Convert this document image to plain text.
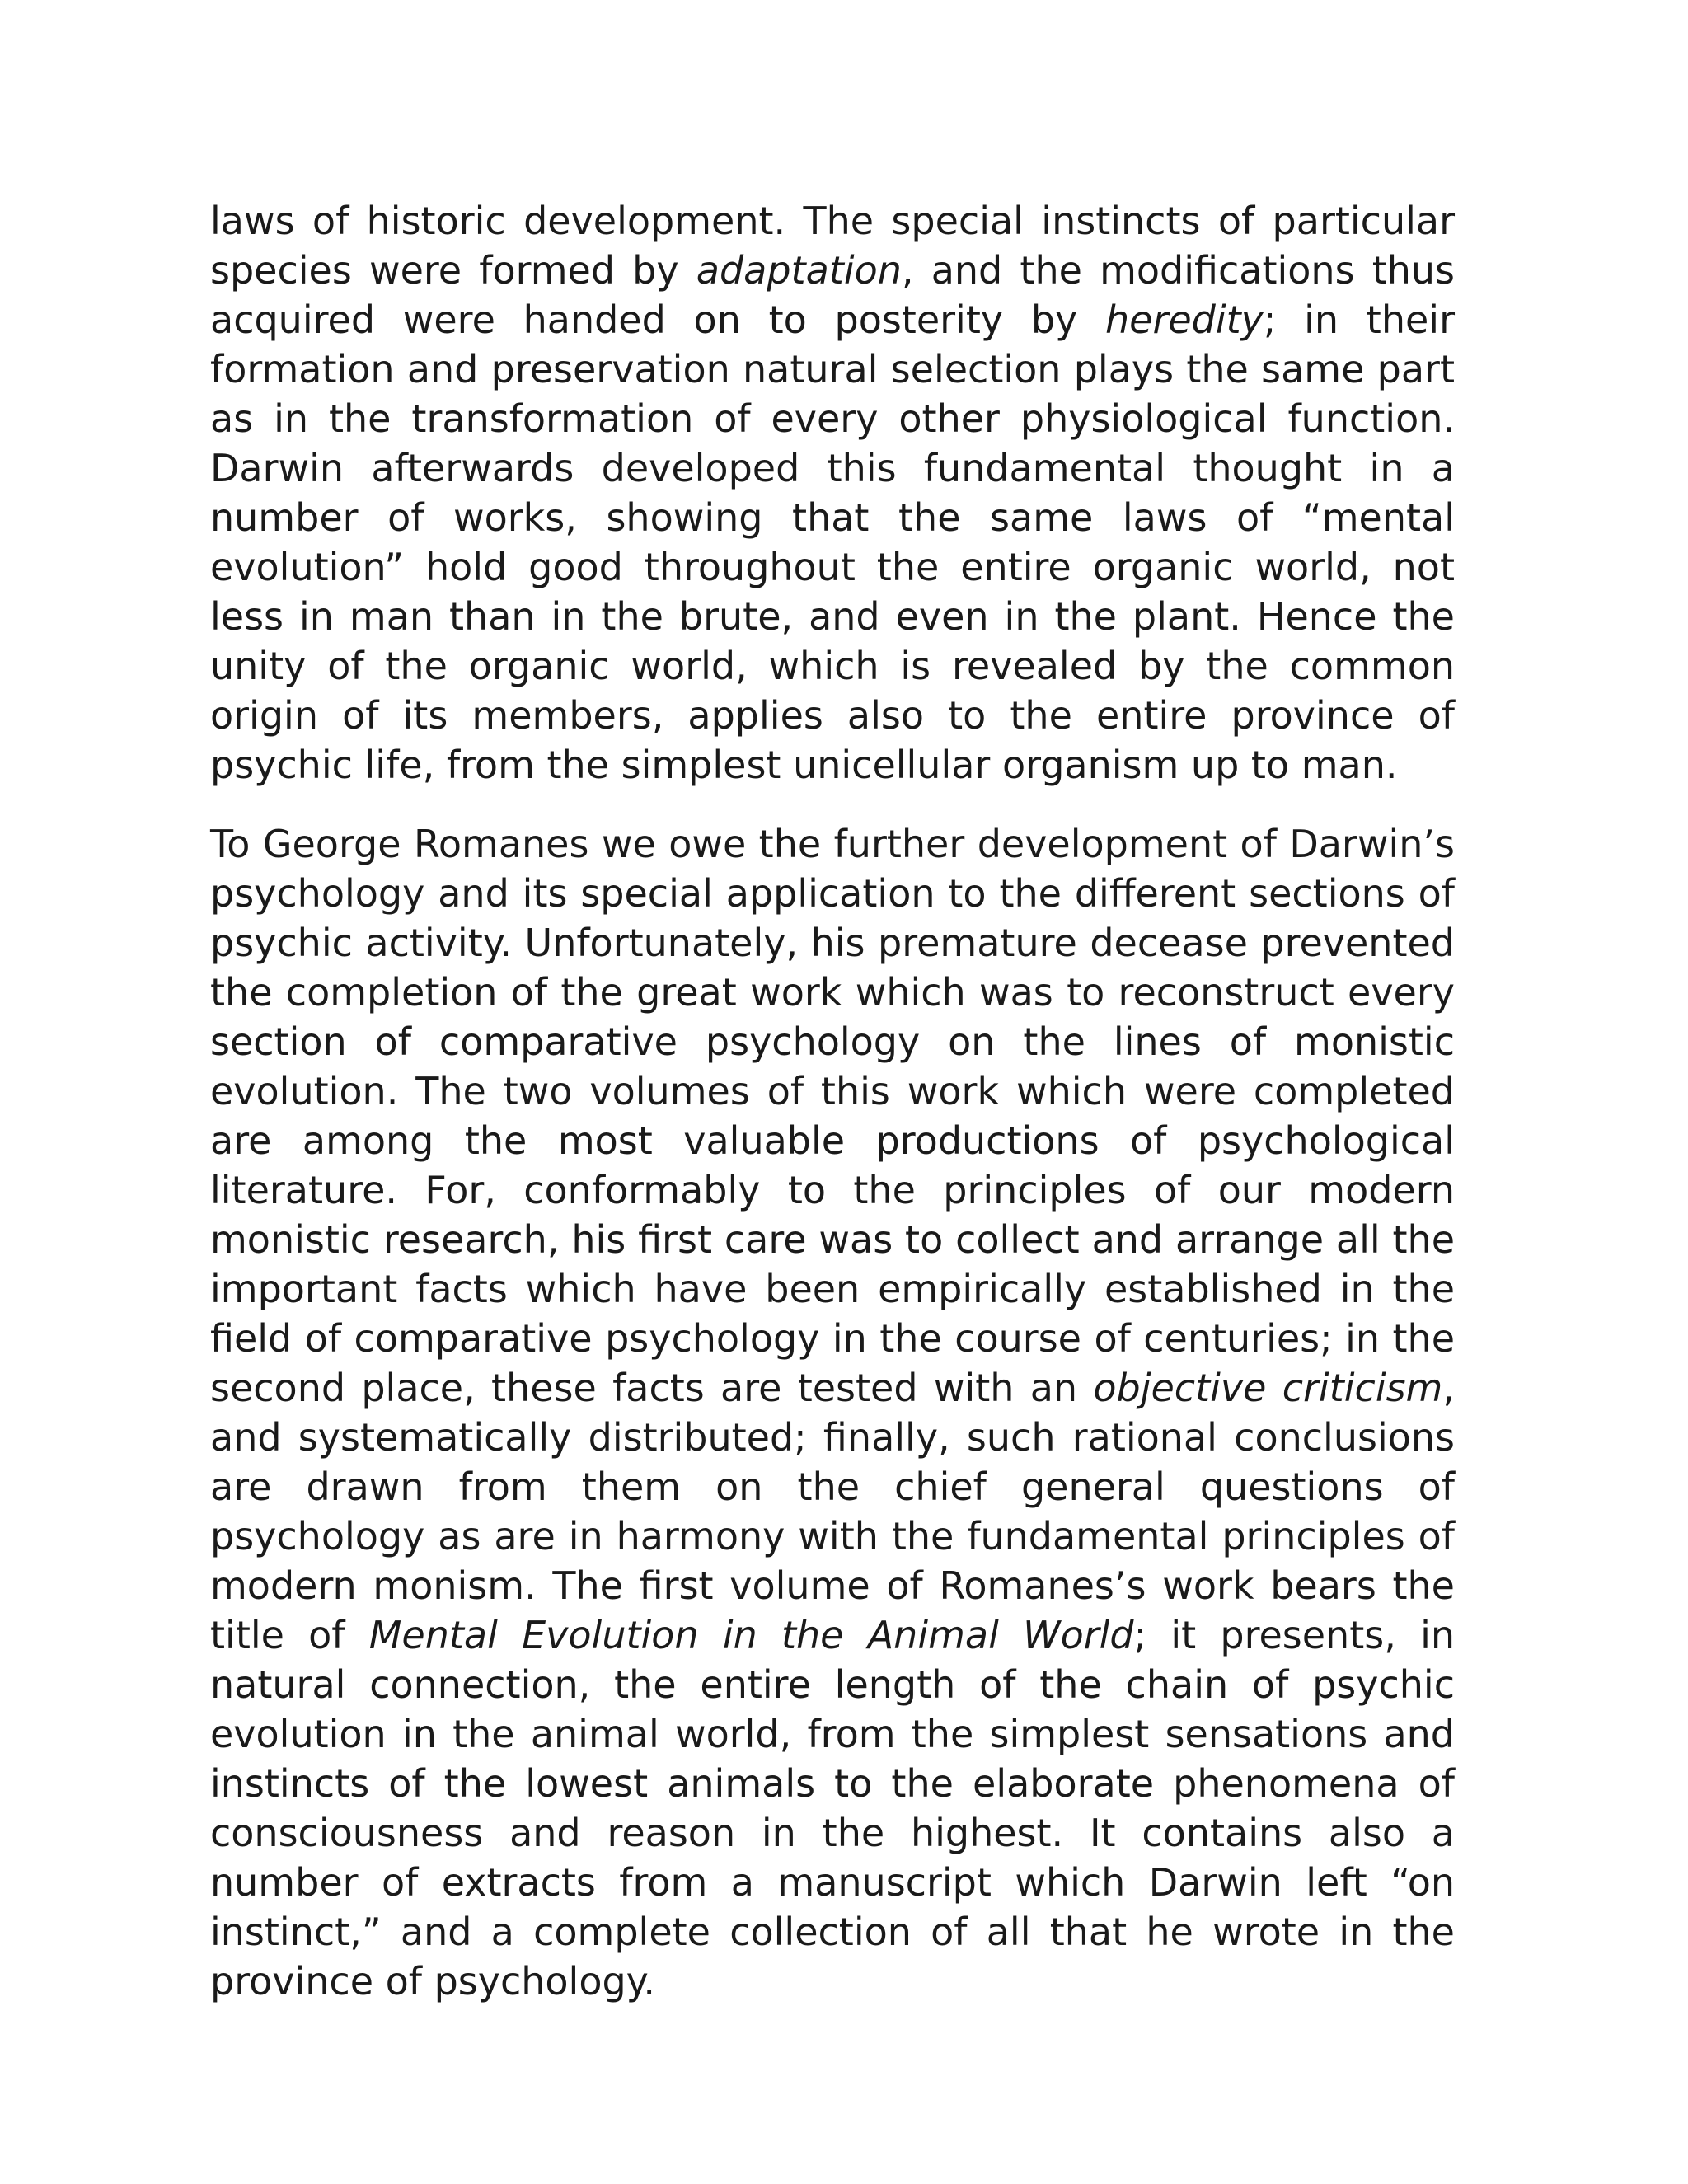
laws of historic development. The special instincts of particular species were formed by adaptation, and the modifications thus acquired were handed on to posterity by heredity; in their formation and preservation natural selection plays the same part as in the transformation of every other physiological function. Darwin afterwards developed this fundamental thought in a number of works, showing that the same laws of “mental evolution” hold good throughout the entire organic world, not less in man than in the brute, and even in the plant. Hence the unity of the organic world, which is revealed by the common origin of its members, applies also to the entire province of psychic life, from the simplest unicellular organism up to man.

To George Romanes we owe the further development of Darwin’s psychology and its special application to the different sections of psychic activity. Unfortunately, his premature decease prevented the completion of the great work which was to reconstruct every section of comparative psychology on the lines of monistic evolution. The two volumes of this work which were completed are among the most valuable productions of psychological literature. For, conformably to the principles of our modern monistic research, his first care was to collect and arrange all the important facts which have been empirically established in the field of comparative psychology in the course of centuries; in the second place, these facts are tested with an objective criticism, and systematically distributed; finally, such rational conclusions are drawn from them on the chief general questions of psychology as are in harmony with the fundamental principles of modern monism. The first volume of Romanes’s work bears the title of Mental Evolution in the Animal World; it presents, in natural connection, the entire length of the chain of psychic evolution in the animal world, from the simplest sensations and instincts of the lowest animals to the elaborate phenomena of consciousness and reason in the highest. It contains also a number of extracts from a manuscript which Darwin left “on instinct,” and a complete collection of all that he wrote in the province of psychology.
